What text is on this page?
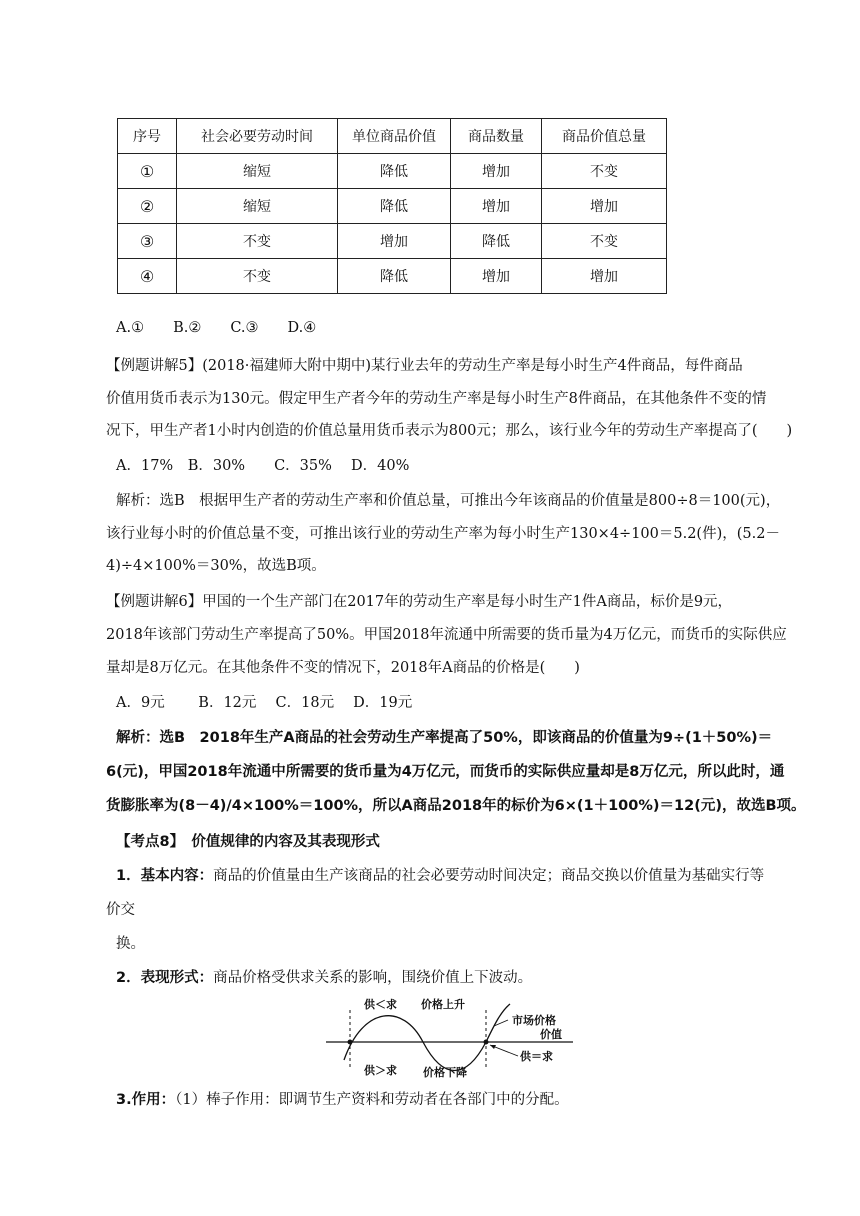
序号	社会必要劳动时间	单位商品价值	商品数量	商品价值总量
①	缩短	降低	增加	不变
②	缩短	降低	增加	增加
③	不变	增加	降低	不变
④	不变	降低	增加	增加
A.①　　B.②　　C.③　　D.④
【例题讲解5】(2018·福建师大附中期中)某行业去年的劳动生产率是每小时生产4件商品，每件商品
价值用货币表示为130元。假定甲生产者今年的劳动生产率是每小时生产8件商品，在其他条件不变的情
况下，甲生产者1小时内创造的价值总量用货币表示为800元；那么，该行业今年的劳动生产率提高了(　　)
A．17%　B．30%　　C．35%　 D．40%
解析：选B　根据甲生产者的劳动生产率和价值总量，可推出今年该商品的价值量是800÷8＝100(元)，
该行业每小时的价值总量不变，可推出该行业的劳动生产率为每小时生产130×4÷100＝5.2(件)，(5.2－
4)÷4×100%＝30%，故选B项。
【例题讲解6】甲国的一个生产部门在2017年的劳动生产率是每小时生产1件A商品，标价是9元，
2018年该部门劳动生产率提高了50%。甲国2018年流通中所需要的货币量为4万亿元，而货币的实际供应
量却是8万亿元。在其他条件不变的情况下，2018年A商品的价格是(　　)
A．9元　　 B．12元　 C．18元　 D．19元
解析：选B　2018年生产A商品的社会劳动生产率提高了50%，即该商品的价值量为9÷(1＋50%)＝
6(元)，甲国2018年流通中所需要的货币量为4万亿元，而货币的实际供应量却是8万亿元，所以此时，通
货膨胀率为(8－4)/4×100%＝100%，所以A商品2018年的标价为6×(1＋100%)＝12(元)，故选B项。
【考点8】　价值规律的内容及其表现形式
1．基本内容：商品的价值量由生产该商品的社会必要劳动时间决定；商品交换以价值量为基础实行等
价交
换。
2．表现形式：商品价格受供求关系的影响，围绕价值上下波动。
供＜求 价格上升
市场价格
价值
供＞求 价格下降
供＝求
3.作用：（1）棒子作用：即调节生产资料和劳动者在各部门中的分配。
